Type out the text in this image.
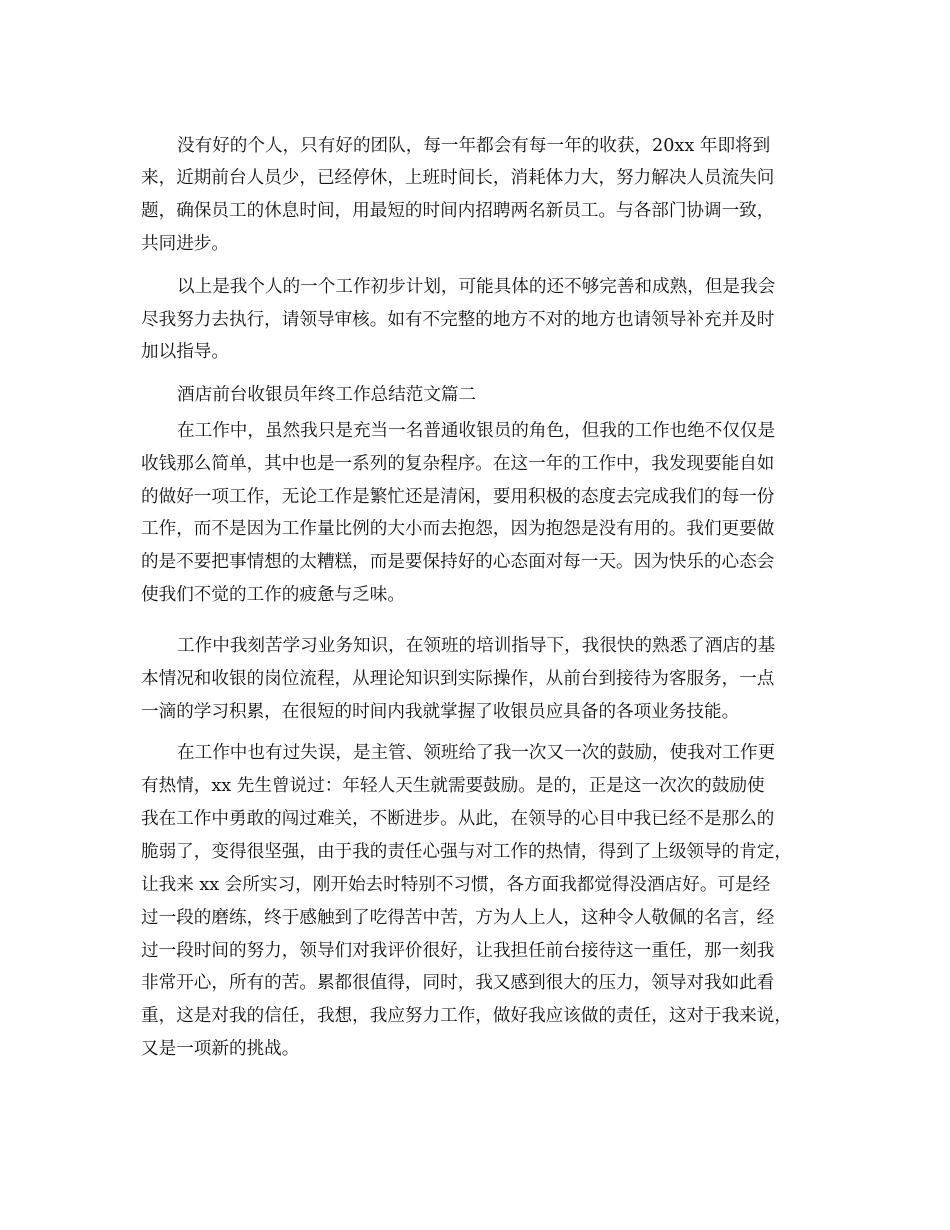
没有好的个人，只有好的团队，每一年都会有每一年的收获，20xx 年即将到
来，近期前台人员少，已经停休，上班时间长，消耗体力大，努力解决人员流失问
题，确保员工的休息时间，用最短的时间内招聘两名新员工。与各部门协调一致，
共同进步。
以上是我个人的一个工作初步计划，可能具体的还不够完善和成熟，但是我会
尽我努力去执行，请领导审核。如有不完整的地方不对的地方也请领导补充并及时
加以指导。
酒店前台收银员年终工作总结范文篇二
在工作中，虽然我只是充当一名普通收银员的角色，但我的工作也绝不仅仅是
收钱那么简单，其中也是一系列的复杂程序。在这一年的工作中，我发现要能自如
的做好一项工作，无论工作是繁忙还是清闲，要用积极的态度去完成我们的每一份
工作，而不是因为工作量比例的大小而去抱怨，因为抱怨是没有用的。我们更要做
的是不要把事情想的太糟糕，而是要保持好的心态面对每一天。因为快乐的心态会
使我们不觉的工作的疲惫与乏味。
工作中我刻苦学习业务知识，在领班的培训指导下，我很快的熟悉了酒店的基
本情况和收银的岗位流程，从理论知识到实际操作，从前台到接待为客服务，一点
一滴的学习积累，在很短的时间内我就掌握了收银员应具备的各项业务技能。
在工作中也有过失误，是主管、领班给了我一次又一次的鼓励，使我对工作更
有热情，xx 先生曾说过：年轻人天生就需要鼓励。是的，正是这一次次的鼓励使
我在工作中勇敢的闯过难关，不断进步。从此，在领导的心目中我已经不是那么的
脆弱了，变得很坚强，由于我的责任心强与对工作的热情，得到了上级领导的肯定，
让我来 xx 会所实习，刚开始去时特别不习惯，各方面我都觉得没酒店好。可是经
过一段的磨练，终于感触到了吃得苦中苦，方为人上人，这种令人敬佩的名言，经
过一段时间的努力，领导们对我评价很好，让我担任前台接待这一重任，那一刻我
非常开心，所有的苦。累都很值得，同时，我又感到很大的压力，领导对我如此看
重，这是对我的信任，我想，我应努力工作，做好我应该做的责任，这对于我来说，
又是一项新的挑战。
